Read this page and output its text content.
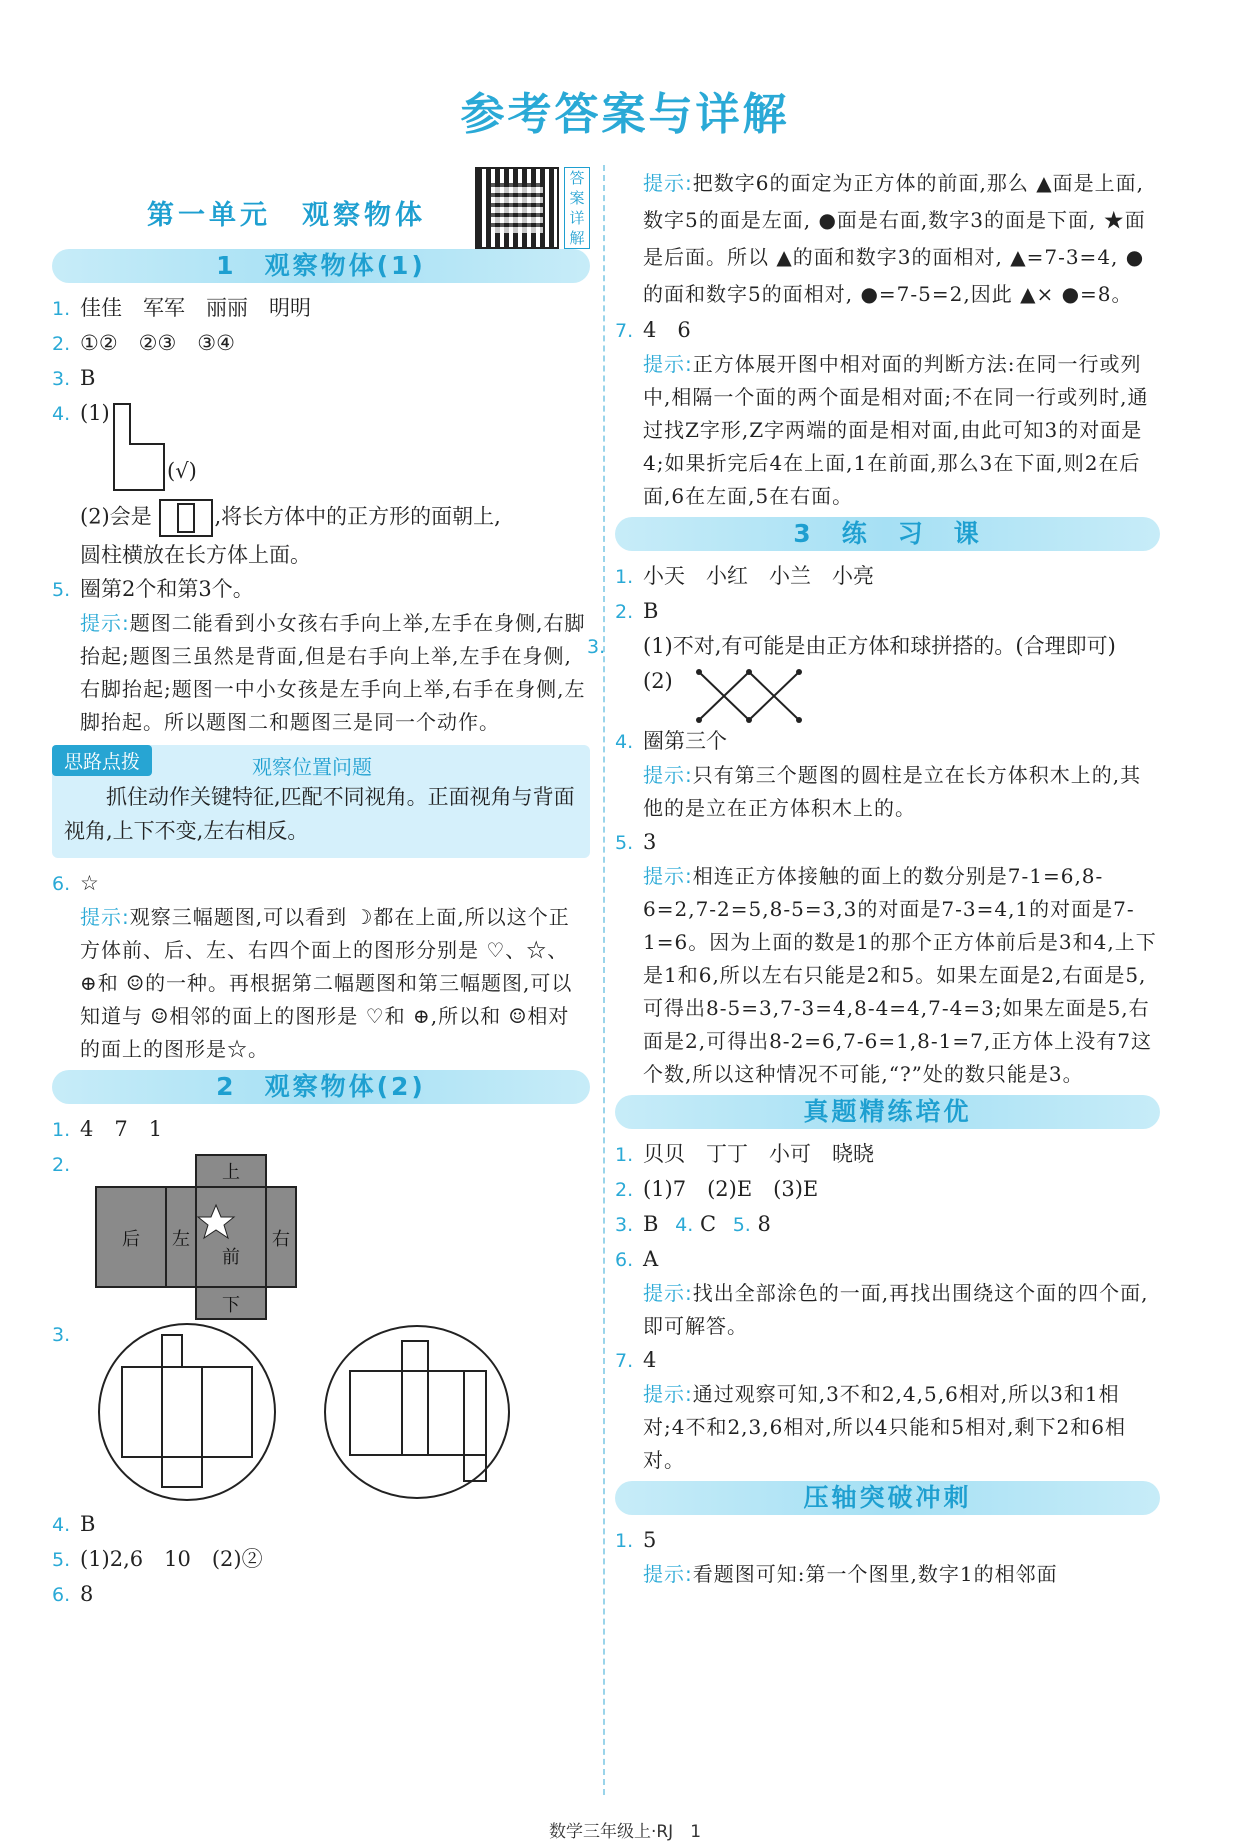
参考答案与详解
第一单元　观察物体
答案详解
1　观察物体(1)
1. 佳佳　军军　丽丽　明明
2. ①②　②③　③④
3. B
4. (1)
(√)
(2)会是	,将长方体中的正方形的面朝上,
圆柱横放在长方体上面。
5. 圈第2个和第3个。
提示:题图二能看到小女孩右手向上举,左手在身侧,右脚抬起;题图三虽然是背面,但是右手向上举,左手在身侧,右脚抬起;题图一中小女孩是左手向上举,右手在身侧,左脚抬起。所以题图二和题图三是同一个动作。
思路点拨	观察位置问题
抓住动作关键特征,匹配不同视角。正面视角与背面视角,上下不变,左右相反。
6. ☆
提示:观察三幅题图,可以看到 ☽都在上面,所以这个正方体前、后、左、右四个面上的图形分别是 ♡、☆、 ⊕和 ☺的一种。再根据第二幅题图和第三幅题图,可以知道与 ☺相邻的面上的图形是 ♡和 ⊕,所以和 ☺相对的面上的图形是☆。
2　观察物体(2)
1. 4　7　1
2.	上
后 左
前
右
下
3.
4. B
5. (1)2,6　10　(2)②
6. 8
提示:把数字6的面定为正方体的前面,那么 ▲面是上面,数字5的面是左面, ●面是右面,数字3的面是下面, ★面是后面。所以 ▲的面和数字3的面相对, ▲=7-3=4, ●的面和数字5的面相对, ●=7-5=2,因此 ▲× ●=8。
7. 4　6
提示:正方体展开图中相对面的判断方法:在同一行或列中,相隔一个面的两个面是相对面;不在同一行或列时,通过找Z字形,Z字两端的面是相对面,由此可知3的对面是4;如果折完后4在上面,1在前面,那么3在下面,则2在后面,6在左面,5在右面。
3　练　习　课
1. 小天　小红　小兰　小亮
2. B
3. (1)不对,有可能是由正方体和球拼搭的。(合理即可)
(2)
4. 圈第三个
提示:只有第三个题图的圆柱是立在长方体积木上的,其他的是立在正方体积木上的。
5. 3
提示:相连正方体接触的面上的数分别是7-1=6,8-6=2,7-2=5,8-5=3,3的对面是7-3=4,1的对面是7-1=6。因为上面的数是1的那个正方体前后是3和4,上下是1和6,所以左右只能是2和5。如果左面是2,右面是5,可得出8-5=3,7-3=4,8-4=4,7-4=3;如果左面是5,右面是2,可得出8-2=6,7-6=1,8-1=7,正方体上没有7这个数,所以这种情况不可能,“?”处的数只能是3。
真题精练培优
1. 贝贝　丁丁　小可　晓晓
2. (1)7　(2)E　(3)E
3. B 4. C 5. 8
6. A
提示:找出全部涂色的一面,再找出围绕这个面的四个面,即可解答。
7. 4
提示:通过观察可知,3不和2,4,5,6相对,所以3和1相对;4不和2,3,6相对,所以4只能和5相对,剩下2和6相对。
压轴突破冲刺
1. 5
提示:看题图可知:第一个图里,数字1的相邻面
数学三年级上·RJ　1
